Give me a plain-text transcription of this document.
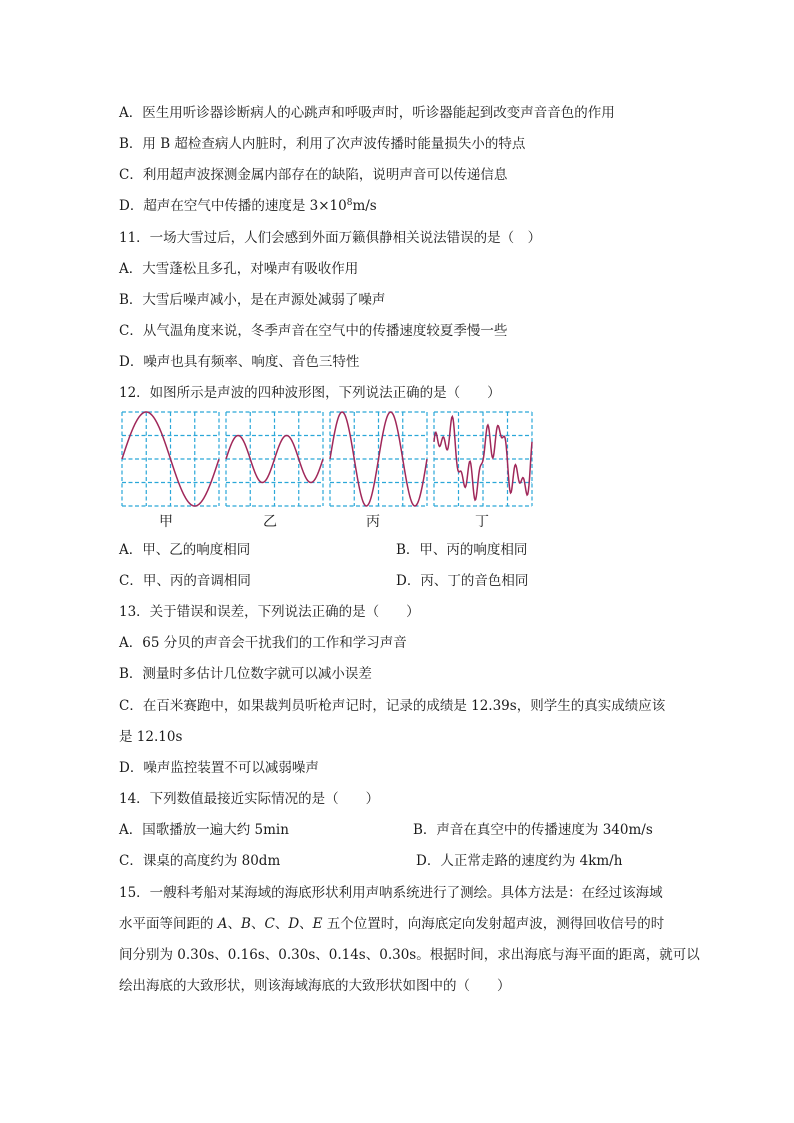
A．医生用听诊器诊断病人的心跳声和呼吸声时，听诊器能起到改变声音音色的作用
B．用 B 超检查病人内脏时，利用了次声波传播时能量损失小的特点
C．利用超声波探测金属内部存在的缺陷，说明声音可以传递信息
D．超声在空气中传播的速度是 $3\times 10^8m/s$
11．一场大雪过后，人们会感到外面万籁俱静相关说法错误的是（　）
A．大雪蓬松且多孔，对噪声有吸收作用
B．大雪后噪声减小，是在声源处减弱了噪声
C．从气温角度来说，冬季声音在空气中的传播速度较夏季慢一些
D．噪声也具有频率、响度、音色三特性
12．如图所示是声波的四种波形图，下列说法正确的是（　　）
甲	乙	丙	丁
A．甲、乙的响度相同	B．甲、丙的响度相同
C．甲、丙的音调相同	D．丙、丁的音色相同
13．关于错误和误差，下列说法正确的是（　　）
A．65 分贝的声音会干扰我们的工作和学习声音
B．测量时多估计几位数字就可以减小误差
C．在百米赛跑中，如果裁判员听枪声记时，记录的成绩是 12.39s，则学生的真实成绩应该
是 12.10s
D．噪声监控装置不可以减弱噪声
14．下列数值最接近实际情况的是（　　）
A．国歌播放一遍大约 5min	B．声音在真空中的传播速度为 340m/s
C．课桌的高度约为 80dm	D．人正常走路的速度约为 4km/h
15．一艘科考船对某海域的海底形状利用声呐系统进行了测绘。具体方法是：在经过该海域
水平面等间距的 A、B、C、D、E 五个位置时，向海底定向发射超声波，测得回收信号的时
间分别为 0.30s、0.16s、0.30s、0.14s、0.30s。根据时间，求出海底与海平面的距离，就可以
绘出海底的大致形状，则该海域海底的大致形状如图中的（　　）
